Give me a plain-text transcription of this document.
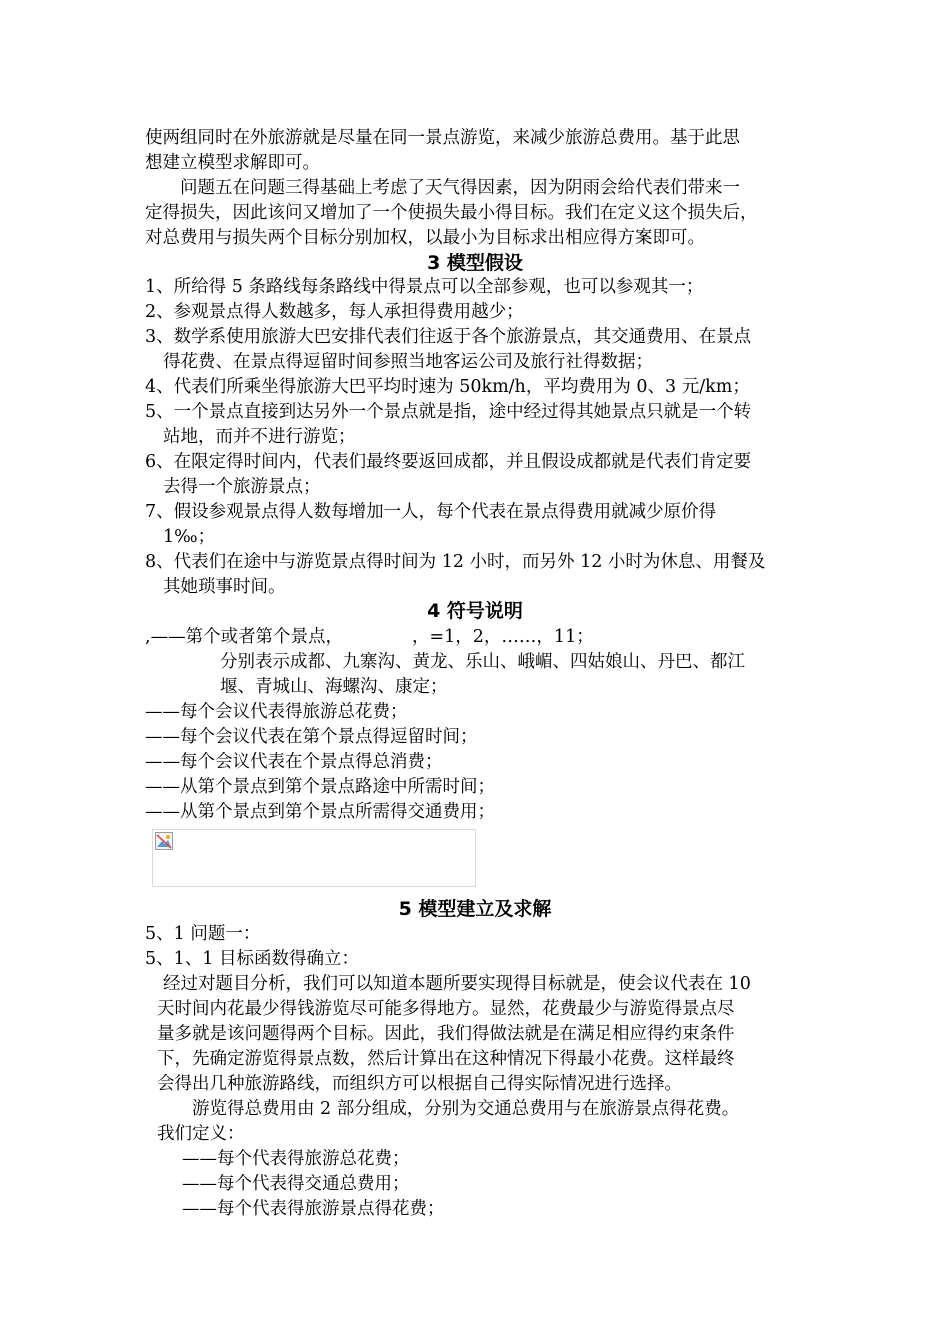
使两组同时在外旅游就是尽量在同一景点游览，来减少旅游总费用。基于此思
想建立模型求解即可。
　　问题五在问题三得基础上考虑了天气得因素，因为阴雨会给代表们带来一
定得损失，因此该问又增加了一个使损失最小得目标。我们在定义这个损失后，
对总费用与损失两个目标分别加权，以最小为目标求出相应得方案即可。
3 模型假设
1、所给得 5 条路线每条路线中得景点可以全部参观，也可以参观其一；
2、参观景点得人数越多，每人承担得费用越少；
3、数学系使用旅游大巴安排代表们往返于各个旅游景点，其交通费用、在景点
得花费、在景点得逗留时间参照当地客运公司及旅行社得数据；
4、代表们所乘坐得旅游大巴平均时速为 50km/h，平均费用为 0、3 元/km；
5、一个景点直接到达另外一个景点就是指，途中经过得其她景点只就是一个转
站地，而并不进行游览；
6、在限定得时间内，代表们最终要返回成都，并且假设成都就是代表们肯定要
去得一个旅游景点；
7、假设参观景点得人数每增加一人，每个代表在景点得费用就减少原价得
1‰；
8、代表们在途中与游览景点得时间为 12 小时，而另外 12 小时为休息、用餐及
其她琐事时间。
4 符号说明
,——第个或者第个景点，	，=1，2，……，11；
分别表示成都、九寨沟、黄龙、乐山、峨嵋、四姑娘山、丹巴、都江
堰、青城山、海螺沟、康定；
——每个会议代表得旅游总花费；
——每个会议代表在第个景点得逗留时间；
——每个会议代表在个景点得总消费；
——从第个景点到第个景点路途中所需时间；
——从第个景点到第个景点所需得交通费用；
5 模型建立及求解
5、1 问题一：
5、1、1 目标函数得确立：
经过对题目分析，我们可以知道本题所要实现得目标就是，使会议代表在 10
天时间内花最少得钱游览尽可能多得地方。显然，花费最少与游览得景点尽
量多就是该问题得两个目标。因此，我们得做法就是在满足相应得约束条件
下，先确定游览得景点数，然后计算出在这种情况下得最小花费。这样最终
会得出几种旅游路线，而组织方可以根据自己得实际情况进行选择。
　　游览得总费用由 2 部分组成，分别为交通总费用与在旅游景点得花费。
我们定义：
——每个代表得旅游总花费；
——每个代表得交通总费用；
——每个代表得旅游景点得花费；
